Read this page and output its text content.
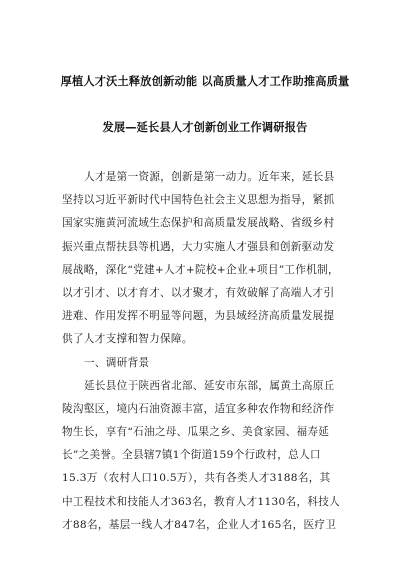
厚植人才沃土释放创新动能 以高质量人才工作助推高质量
发展—延长县人才创新创业工作调研报告
人才是第一资源，创新是第一动力。近年来，延长县
坚持以习近平新时代中国特色社会主义思想为指导，紧抓
国家实施黄河流域生态保护和高质量发展战略、省级乡村
振兴重点帮扶县等机遇，大力实施人才强县和创新驱动发
展战略，深化“党建+人才+院校+企业+项目”工作机制，
以才引才、以才育才、以才聚才，有效破解了高端人才引
进难、作用发挥不明显等问题，为县域经济高质量发展提
供了人才支撑和智力保障。
一、调研背景
延长县位于陕西省北部、延安市东部，属黄土高原丘
陵沟壑区，境内石油资源丰富，适宜多种农作物和经济作
物生长，享有“石油之母、瓜果之乡、美食家园、福寿延
长”之美誉。全县辖7镇1个街道159个行政村，总人口
15.3万（农村人口10.5万），共有各类人才3188名，其
中工程技术和技能人才363名，教育人才1130名，科技人
才88名，基层一线人才847名，企业人才165名，医疗卫
